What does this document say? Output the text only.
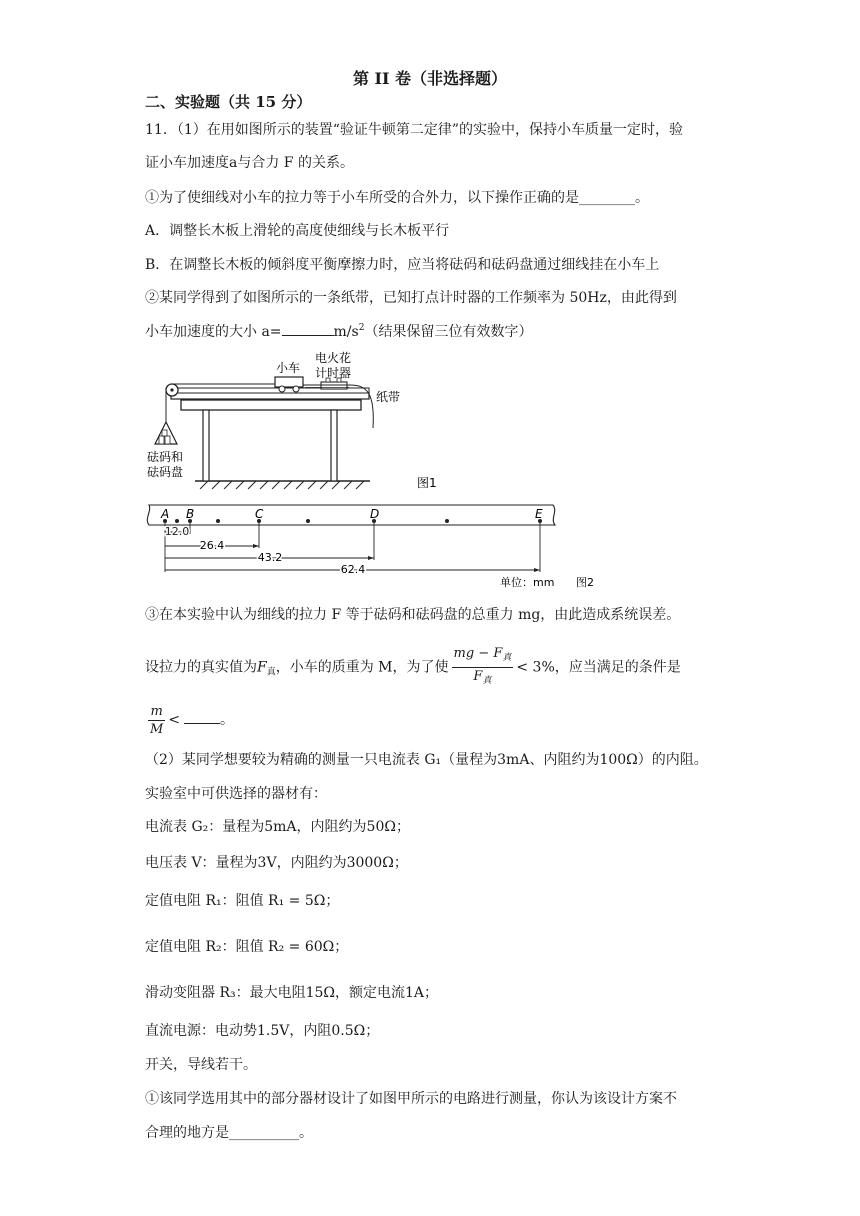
第 II 卷（非选择题）
二、实验题（共 15 分）
11．（1）在用如图所示的装置“验证牛顿第二定律”的实验中，保持小车质量一定时，验
证小车加速度a与合力 F 的关系。
①为了使细线对小车的拉力等于小车所受的合外力，以下操作正确的是________。
A．调整长木板上滑轮的高度使细线与长木板平行
B．在调整长木板的倾斜度平衡摩擦力时，应当将砝码和砝码盘通过细线挂在小车上
②某同学得到了如图所示的一条纸带，已知打点计时器的工作频率为 50Hz，由此得到
小车加速度的大小 a=	$m/s^2$（结果保留三位有效数字）
小车
电火花
计时器
纸带
砝码和
砝码盘
图1
A B	C	D	E
12.0
26.4
43.2
62.4
单位：mm 图2
③在本实验中认为细线的拉力 F 等于砝码和砝码盘的总重力 mg，由此造成系统误差。
设拉力的真实值为$F_真$，小车的质重为 M，为了使 $\frac{mg - F_真}{F_真} < 3\%$，应当满足的条件是
$\frac{m}{M}$ <	。
（2）某同学想要较为精确的测量一只电流表 G₁（量程为3mA、内阻约为100Ω）的内阻。
实验室中可供选择的器材有：
电流表 G₂：量程为5mA，内阻约为50Ω；
电压表 V：量程为3V，内阻约为3000Ω；
定值电阻 R₁：阻值 R₁ = 5Ω；
定值电阻 R₂：阻值 R₂ = 60Ω；
滑动变阻器 R₃：最大电阻15Ω，额定电流1A；
直流电源：电动势1.5V，内阻0.5Ω；
开关，导线若干。
①该同学选用其中的部分器材设计了如图甲所示的电路进行测量，你认为该设计方案不
合理的地方是__________。
